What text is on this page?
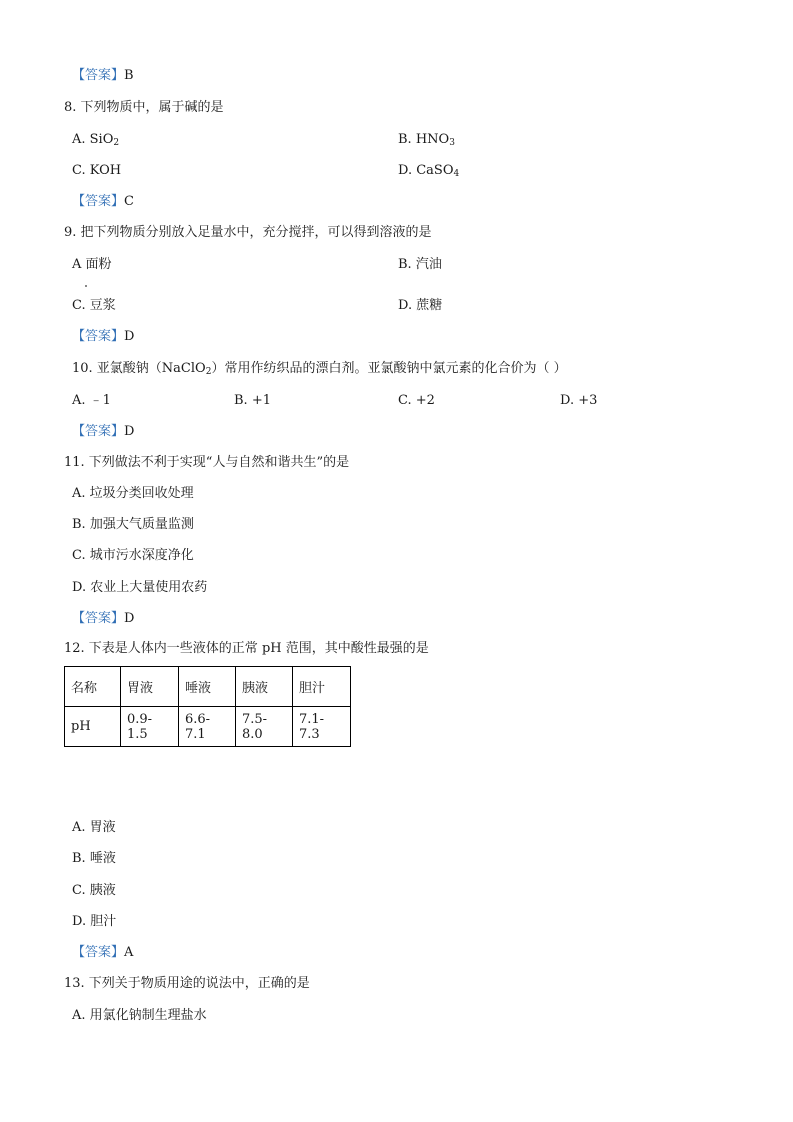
【答案】B
8. 下列物质中，属于碱的是
A. SiO$_2$	B. $HNO_3$
C. KOH	D. CaSO$_4$
【答案】C
9. 把下列物质分别放入足量水中，充分搅拌，可以得到溶液的是
A 面粉	B. 汽油
C. 豆浆	D. 蔗糖
【答案】D
10. 亚氯酸钠（NaClO$_2$）常用作纺织品的漂白剂。亚氯酸钠中氯元素的化合价为（ ）
A. ﹣1	B. +1	C. +2	D. +3
【答案】D
11. 下列做法不利于实现“人与自然和谐共生”的是
A. 垃圾分类回收处理
B. 加强大气质量监测
C. 城市污水深度净化
D. 农业上大量使用农药
【答案】D
12. 下表是人体内一些液体的正常 pH 范围，其中酸性最强的是
名称	胃液	唾液	胰液	胆汁
pH	0.9-1.5	6.6-7.1	7.5-8.0	7.1-7.3
A. 胃液
B. 唾液
C. 胰液
D. 胆汁
【答案】A
13. 下列关于物质用途的说法中，正确的是
A. 用氯化钠制生理盐水
